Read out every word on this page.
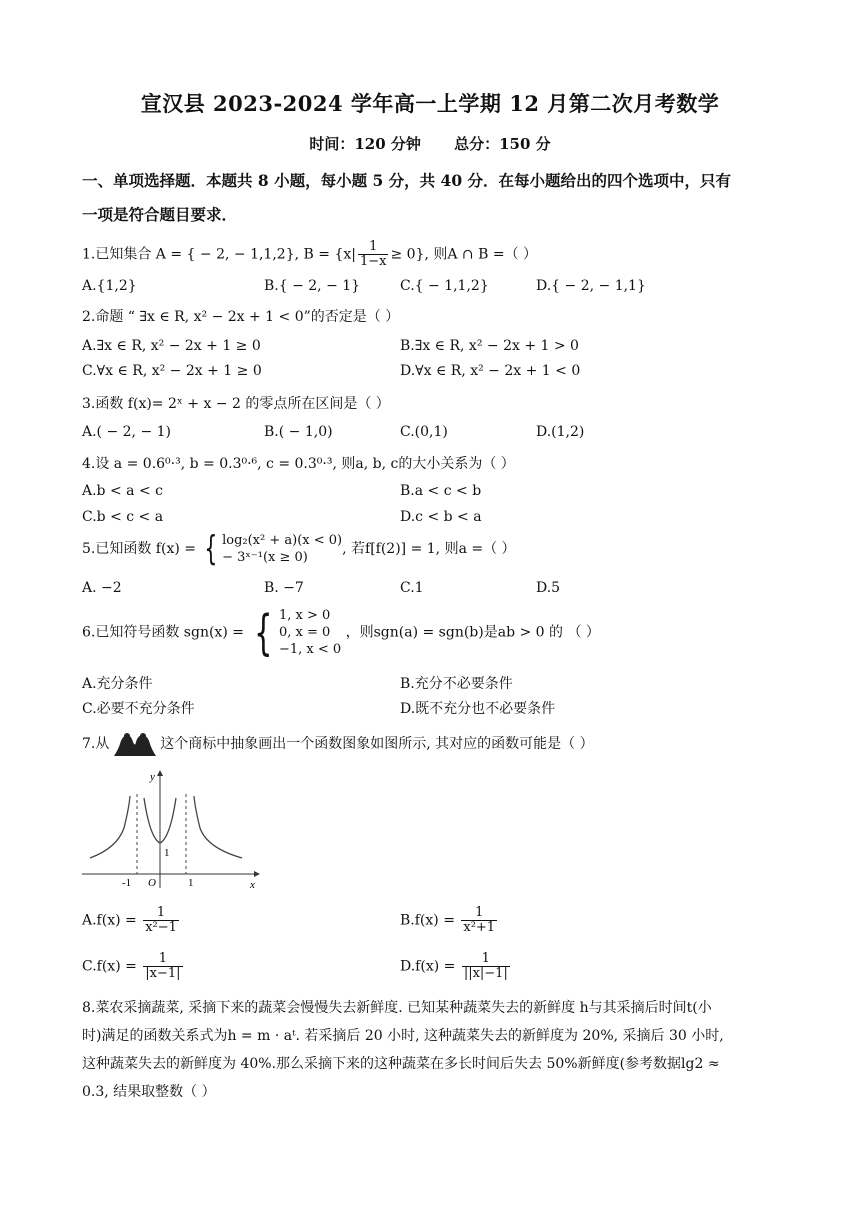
宣汉县 2023-2024 学年高一上学期 12 月第二次月考数学
时间：120 分钟 总分：150 分
一、单项选择题．本题共 8 小题，每小题 5 分，共 40 分．在每小题给出的四个选项中，只有
一项是符合题目要求．
1.已知集合 A = { − 2, − 1,1,2}, $B = \{x| \frac{1}{1-x} \ge 0\}$, 则A ∩ B =（ ）
A.{1,2}	B.{ − 2, − 1}	C.{ − 1,1,2}	D.{ − 2, − 1,1}
2.命题 “ ∃x ∈ R, x² − 2x + 1 < 0”的否定是（ ）
A.∃x ∈ R, x² − 2x + 1 ≥ 0	B.∃x ∈ R, x² − 2x + 1 > 0
C.∀x ∈ R, x² − 2x + 1 ≥ 0	D.∀x ∈ R, x² − 2x + 1 < 0
3.函数 f(x)= 2ˣ + x − 2 的零点所在区间是（ ）
A.( − 2, − 1)	B.( − 1,0)	C.(0,1)	D.(1,2)
4.设 a = 0.6⁰·³, b = 0.3⁰·⁶, c = 0.3⁰·³, 则a, b, c的大小关系为（ ）
A.b < a < c	B.a < c < b
C.b < c < a	D.c < b < a
5.已知函数 f(x) = { log₂(x² + a)(x < 0)
− 3ˣ⁻¹(x ≥ 0)
, 若f[f(2)] = 1, 则a =（ ）
A. −2	B. −7	C.1	D.5
6.已知符号函数 sgn(x) = { 1, x > 0
0, x = 0
−1, x < 0
，则sgn(a) = sgn(b)是ab > 0 的 （ ）
A.充分条件	B.充分不必要条件
C.必要不充分条件	D.既不充分也不必要条件
7.从	这个商标中抽象画出一个函数图象如图所示, 其对应的函数可能是（ ）
y
x
1
-1 O	1
$A.f(x) = \frac{1}{\text{x²−1}}$	$B.f(x) = \frac{1}{\text{x²+1}}$
$C.f(x) = \frac{1}{|x-1|}$	$D.f(x) = \frac{1}{||x|-1|}$
8.菜农采摘蔬菜, 采摘下来的蔬菜会慢慢失去新鲜度. 已知某种蔬菜失去的新鲜度 h与其采摘后时间t(小
时)满足的函数关系式为h = m · aᵗ. 若采摘后 20 小时, 这种蔬菜失去的新鲜度为 20%, 采摘后 30 小时,
这种蔬菜失去的新鲜度为 40%.那么采摘下来的这种蔬菜在多长时间后失去 50%新鲜度(参考数据lg2 ≈
0.3, 结果取整数（ ）
